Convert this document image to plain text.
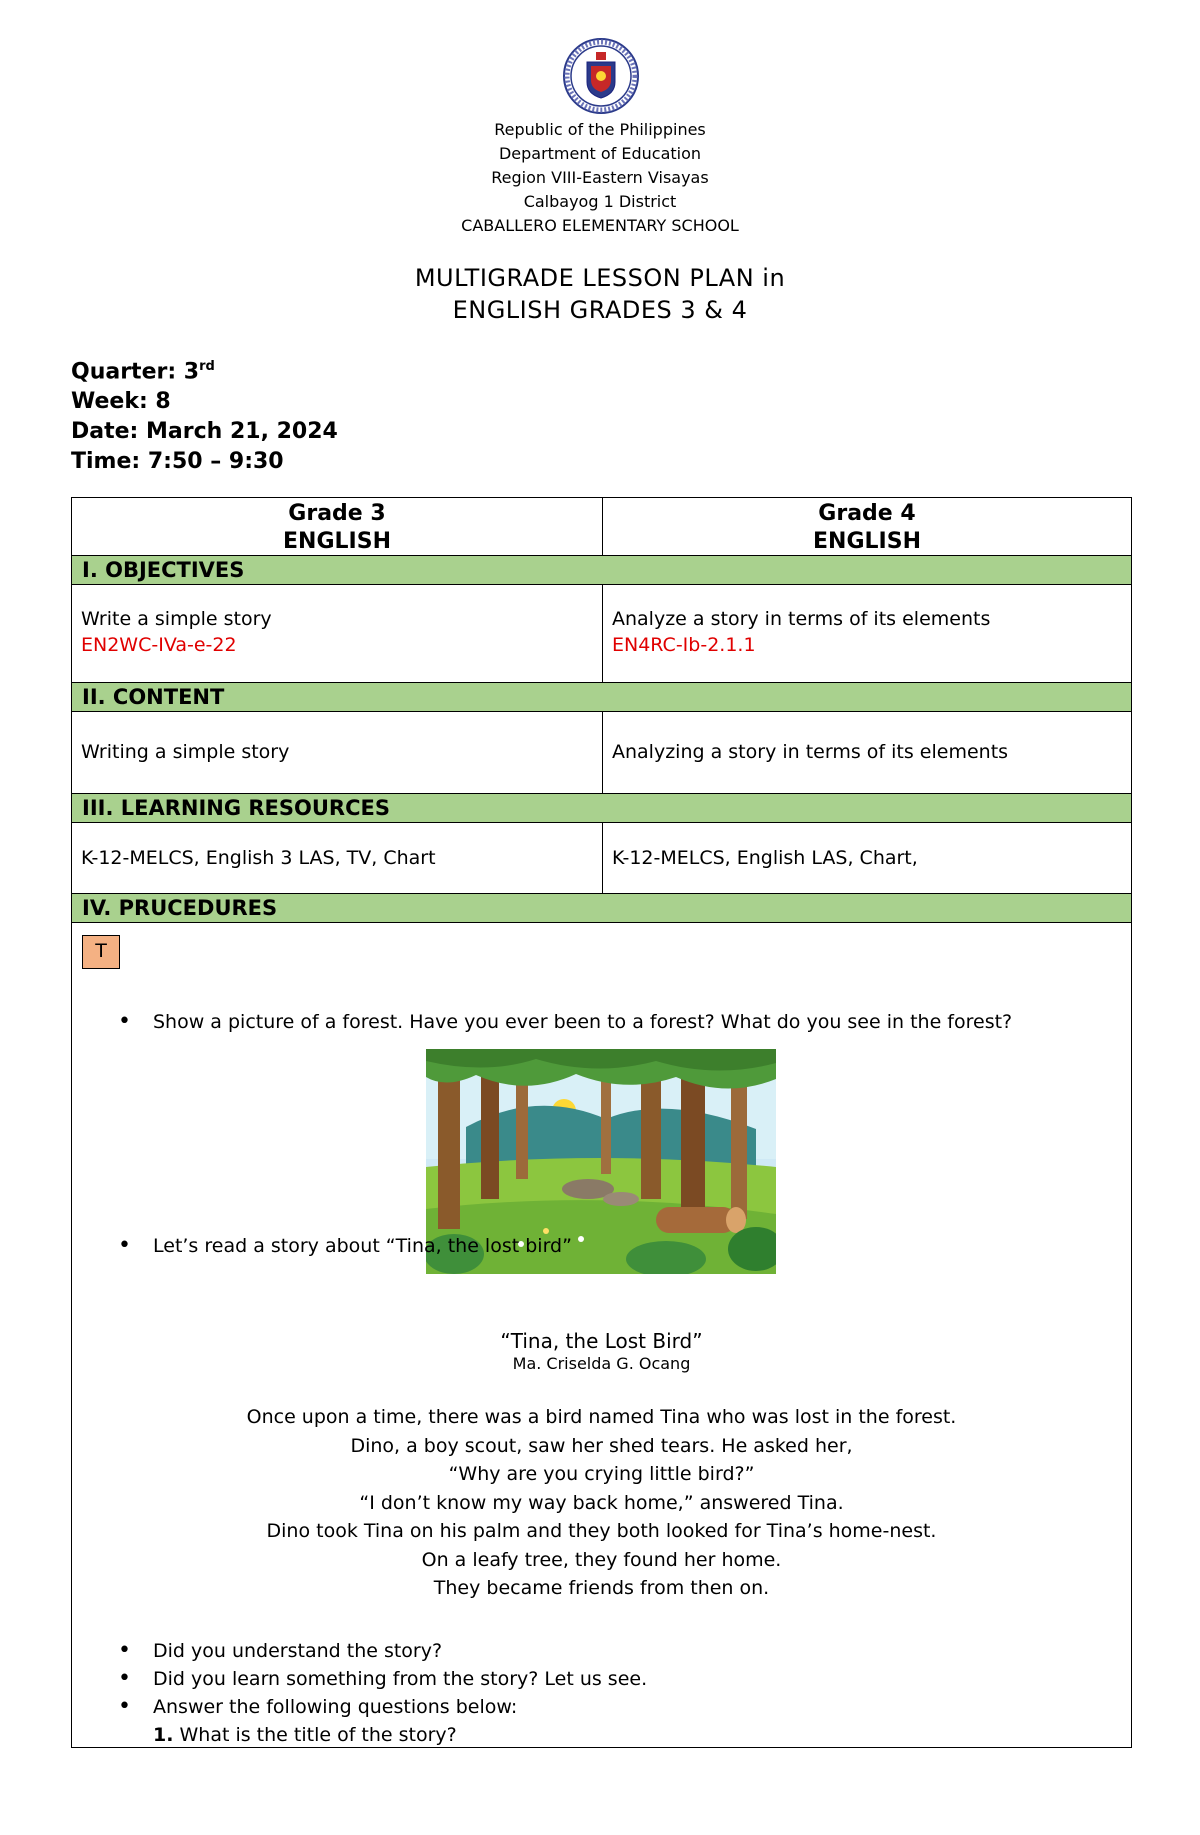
Republic of the Philippines
Department of Education
Region VIII-Eastern Visayas
Calbayog 1 District
CABALLERO ELEMENTARY SCHOOL
MULTIGRADE LESSON PLAN in
ENGLISH GRADES 3 & 4
Quarter: 3rd
Week: 8
Date: March 21, 2024
Time: 7:50 – 9:30
Grade 3
ENGLISH
Grade 4
ENGLISH
I. OBJECTIVES
Write a simple story
EN2WC-IVa-e-22
Analyze a story in terms of its elements
EN4RC-Ib-2.1.1
II. CONTENT
Writing a simple story	Analyzing a story in terms of its elements
III. LEARNING RESOURCES
K-12-MELCS, English 3 LAS, TV, Chart	K-12-MELCS, English LAS, Chart,
IV. PRUCEDURES
T
• Show a picture of a forest. Have you ever been to a forest? What do you see in the forest?
• Let’s read a story about “Tina, the lost bird”
“Tina, the Lost Bird”
Ma. Criselda G. Ocang
Once upon a time, there was a bird named Tina who was lost in the forest.
Dino, a boy scout, saw her shed tears. He asked her,
“Why are you crying little bird?”
“I don’t know my way back home,” answered Tina.
Dino took Tina on his palm and they both looked for Tina’s home-nest.
On a leafy tree, they found her home.
They became friends from then on.
• Did you understand the story?
• Did you learn something from the story? Let us see.
• Answer the following questions below:
1. What is the title of the story?
